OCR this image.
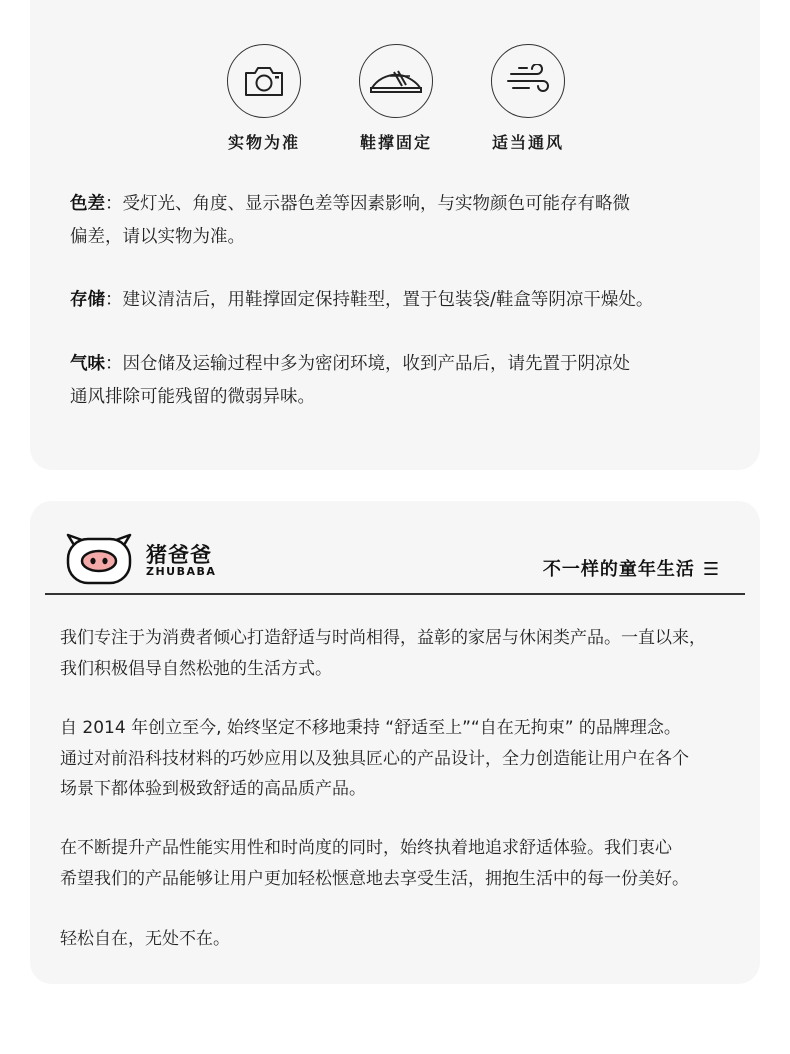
实物为准	鞋撑固定	适当通风
色差：受灯光、角度、显示器色差等因素影响，与实物颜色可能存有略微
偏差，请以实物为准。
存储：建议清洁后，用鞋撑固定保持鞋型，置于包装袋/鞋盒等阴凉干燥处。
气味：因仓储及运输过程中多为密闭环境，收到产品后，请先置于阴凉处
通风排除可能残留的微弱异味。
猪爸爸
ZHUBABA	不一样的童年生活 ☰
我们专注于为消费者倾心打造舒适与时尚相得，益彰的家居与休闲类产品。一直以来，
我们积极倡导自然松弛的生活方式。
自 2014 年创立至今, 始终坚定不移地秉持 “舒适至上”“自在无拘束” 的品牌理念。
通过对前沿科技材料的巧妙应用以及独具匠心的产品设计，全力创造能让用户在各个
场景下都体验到极致舒适的高品质产品。
在不断提升产品性能实用性和时尚度的同时，始终执着地追求舒适体验。我们衷心
希望我们的产品能够让用户更加轻松惬意地去享受生活，拥抱生活中的每一份美好。
轻松自在，无处不在。
